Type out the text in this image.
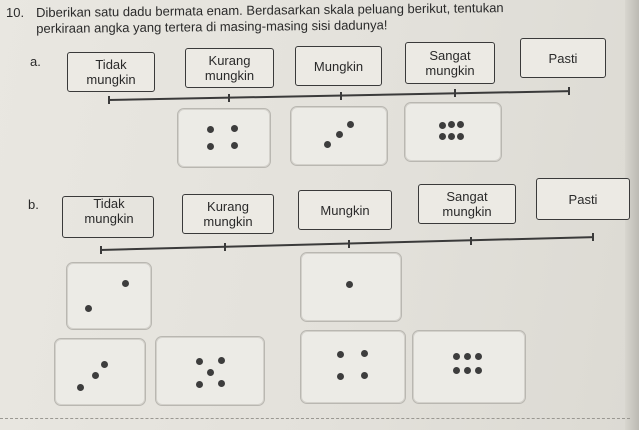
10. Diberikan satu dadu bermata enam. Berdasarkan skala peluang berikut, tentukan
perkiraan angka yang tertera di masing-masing sisi dadunya!
a.	Tidak
mungkin
Kurang
mungkin
Mungkin
Sangat
mungkin
Pasti
b.	Tidak
mungkin
Kurang
mungkin
Mungkin
Sangat
mungkin
Pasti
